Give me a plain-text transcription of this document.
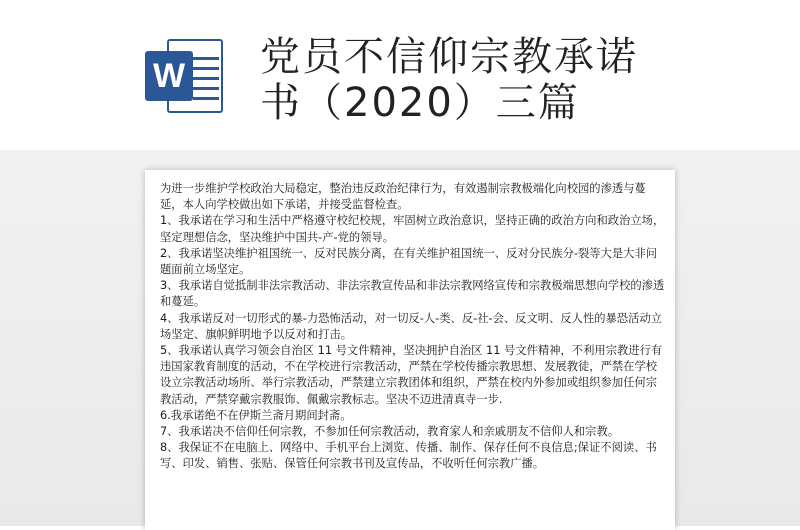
W 党员不信仰宗教承诺
书（2020）三篇

为进一步维护学校政治大局稳定，整治违反政治纪律行为，有效遏制宗教极端化向校园的渗透与蔓延，本人向学校做出如下承诺，并接受监督检查。

1、我承诺在学习和生活中严格遵守校纪校规，牢固树立政治意识，坚持正确的政治方向和政治立场，坚定理想信念，坚决维护中国共-产-党的领导。

2、我承诺坚决维护祖国统一、反对民族分离，在有关维护祖国统一、反对分民族分-裂等大是大非问题面前立场坚定。

3、我承诺自觉抵制非法宗教活动、非法宗教宣传品和非法宗教网络宣传和宗教极端思想向学校的渗透和蔓延。

4、我承诺反对一切形式的暴-力恐怖活动，对一切反-人-类、反-社-会、反文明、反人性的暴恐活动立场坚定、旗帜鲜明地予以反对和打击。

5、我承诺认真学习领会自治区 11 号文件精神，坚决拥护自治区 11 号文件精神，不利用宗教进行有违国家教育制度的活动，不在学校进行宗教活动，严禁在学校传播宗教思想、发展教徒，严禁在学校设立宗教活动场所、举行宗教活动，严禁建立宗教团体和组织，严禁在校内外参加或组织参加任何宗教活动，严禁穿戴宗教服饰、佩戴宗教标志。坚决不迈进清真寺一步.

6.我承诺绝不在伊斯兰斋月期间封斋。

7、我承诺决不信仰任何宗教，不参加任何宗教活动，教育家人和亲戚朋友不信仰人和宗教。

8、我保证不在电脑上、网络中、手机平台上浏览、传播、制作、保存任何不良信息;保证不阅读、书写、印发、销售、张贴、保管任何宗教书刊及宣传品，不收听任何宗教广播。
